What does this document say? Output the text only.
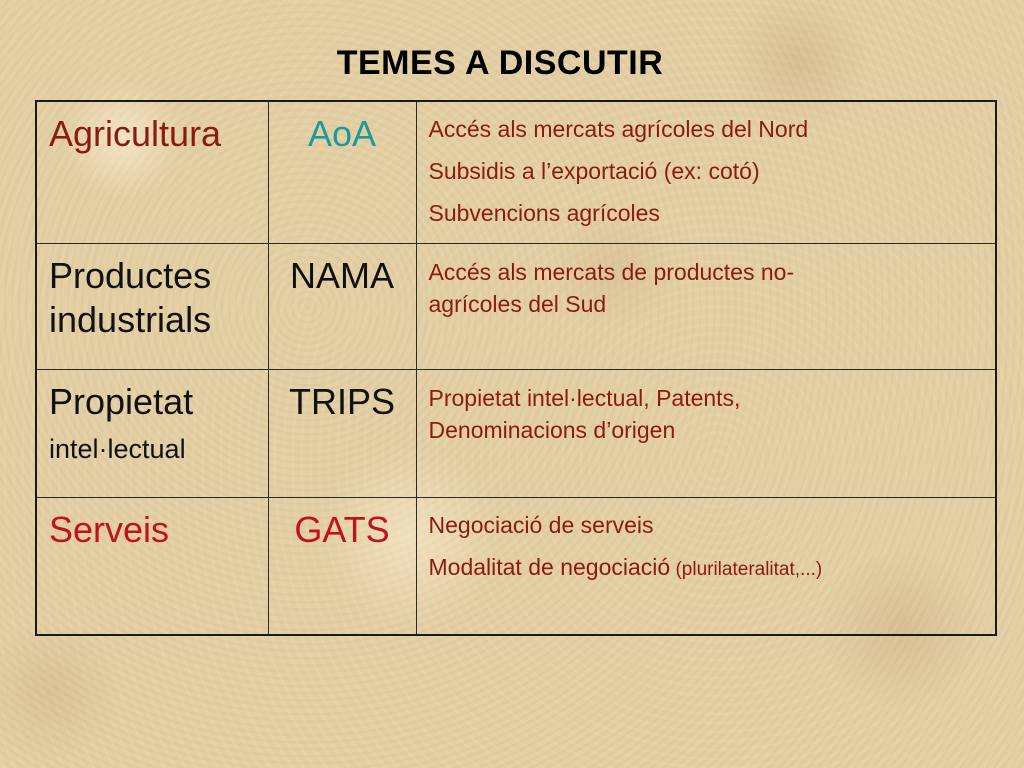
TEMES A DISCUTIR
Agricultura	AoA	Accés als mercats agrícoles del Nord
Subsidis a l’exportació (ex: cotó)
Subvencions agrícoles

Productes
industrials	NAMA	Accés als mercats de productes no-
agrícoles del Sud

Propietat
intel·lectual	TRIPS	Propietat intel·lectual, Patents,
Denominacions d’origen

Serveis	GATS	Negociació de serveis
Modalitat de negociació (plurilateralitat,...)
